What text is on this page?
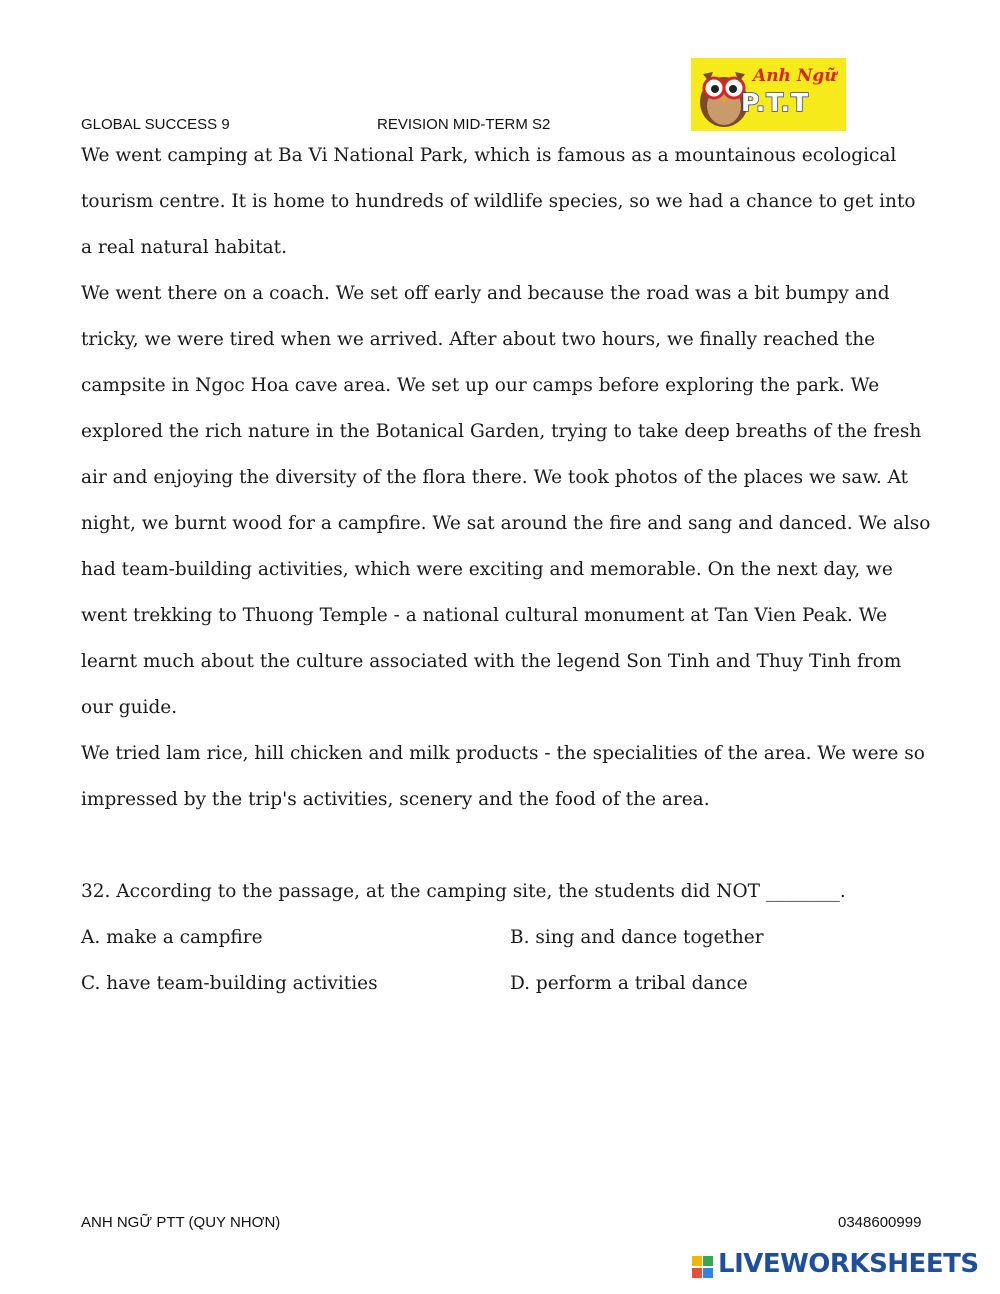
GLOBAL SUCCESS 9	REVISION MID-TERM S2
Anh Ngữ
P.T.T

We went camping at Ba Vi National Park, which is famous as a mountainous ecological tourism centre. It is home to hundreds of wildlife species, so we had a chance to get into a real natural habitat.

We went there on a coach. We set off early and because the road was a bit bumpy and tricky, we were tired when we arrived. After about two hours, we finally reached the campsite in Ngoc Hoa cave area. We set up our camps before exploring the park. We explored the rich nature in the Botanical Garden, trying to take deep breaths of the fresh air and enjoying the diversity of the flora there. We took photos of the places we saw. At night, we burnt wood for a campfire. We sat around the fire and sang and danced. We also had team-building activities, which were exciting and memorable. On the next day, we went trekking to Thuong Temple - a national cultural monument at Tan Vien Peak. We learnt much about the culture associated with the legend Son Tinh and Thuy Tinh from our guide.

We tried lam rice, hill chicken and milk products - the specialities of the area. We were so impressed by the trip's activities, scenery and the food of the area.

32. According to the passage, at the camping site, the students did NOT ________.

A. make a campfire	B. sing and dance together
C. have team-building activities	D. perform a tribal dance
ANH NGỮ PTT (QUY NHƠN)	0348600999
LIVEWORKSHEETS
